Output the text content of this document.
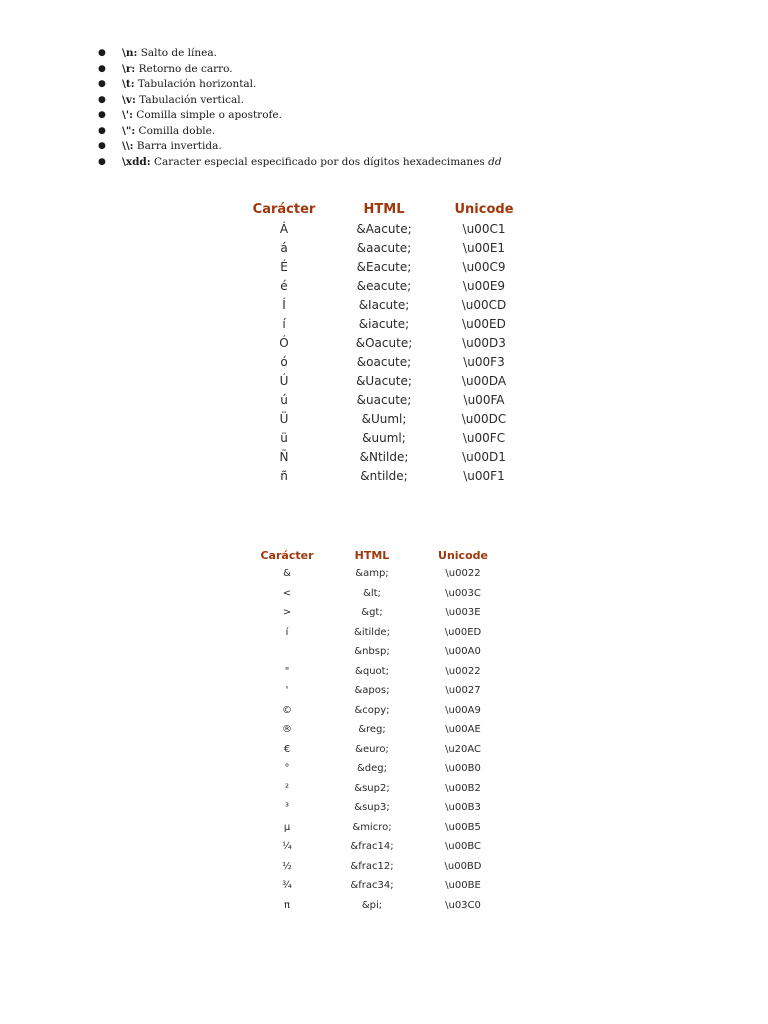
● \n: Salto de línea.
● \r: Retorno de carro.
● \t: Tabulación horizontal.
● \v: Tabulación vertical.
● \': Comilla simple o apostrofe.
● \": Comilla doble.
● \\: Barra invertida.
● \xdd: Caracter especial especificado por dos dígitos hexadecimanes dd
Carácter	HTML	Unicode
Á	&Aacute;	\u00C1
á	&aacute;	\u00E1
É	&Eacute;	\u00C9
é	&eacute;	\u00E9
Í	&Iacute;	\u00CD
í	&iacute;	\u00ED
Ó	&Oacute;	\u00D3
ó	&oacute;	\u00F3
Ú	&Uacute;	\u00DA
ú	&uacute;	\u00FA
Ü	&Uuml;	\u00DC
ü	&uuml;	\u00FC
Ñ	&Ntilde;	\u00D1
ñ	&ntilde;	\u00F1
Carácter	HTML	Unicode
&	&amp;	\u0022
<	&lt;	\u003C
>	&gt;	\u003E
í	&itilde;	\u00ED
	&nbsp;	\u00A0
"	&quot;	\u0022
'	&apos;	\u0027
©	&copy;	\u00A9
®	&reg;	\u00AE
€	&euro;	\u20AC
°	&deg;	\u00B0
²	&sup2;	\u00B2
³	&sup3;	\u00B3
µ	&micro;	\u00B5
¼	&frac14;	\u00BC
½	&frac12;	\u00BD
¾	&frac34;	\u00BE
π	&pi;	\u03C0
